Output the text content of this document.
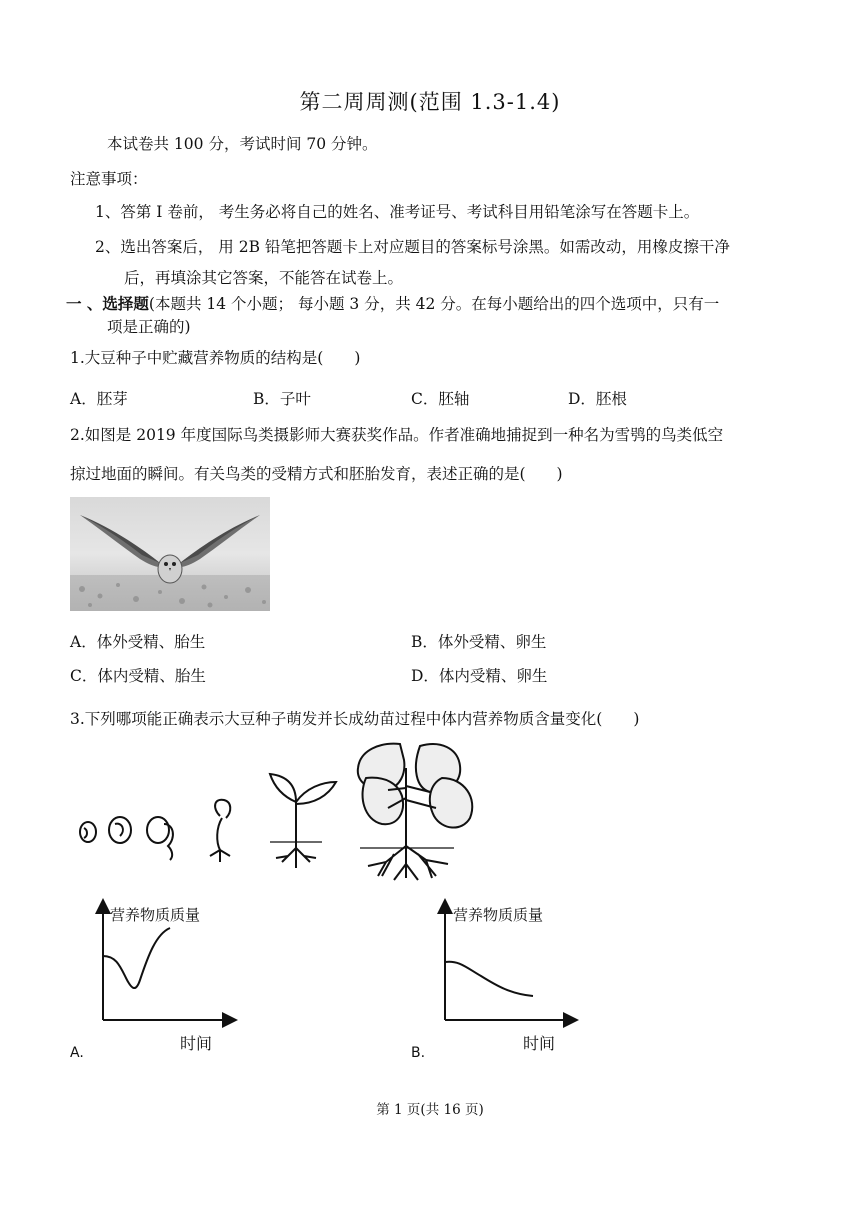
第二周周测(范围 1.3-1.4)
本试卷共 100 分，考试时间 70 分钟。
注意事项：
1、答第 I 卷前， 考生务必将自己的姓名、准考证号、考试科目用铅笔涂写在答题卡上。
2、选出答案后， 用 2B 铅笔把答题卡上对应题目的答案标号涂黑。如需改动，用橡皮擦干净
后，再填涂其它答案，不能答在试卷上。
一 、选择题(本题共 14 个小题； 每小题 3 分，共 42 分。在每小题给出的四个选项中，只有一
项是正确的)
1.大豆种子中贮藏营养物质的结构是(　　)
A．胚芽	B．子叶	C．胚轴	D．胚根
2.如图是 2019 年度国际鸟类摄影师大赛获奖作品。作者准确地捕捉到一种名为雪鸮的鸟类低空
掠过地面的瞬间。有关鸟类的受精方式和胚胎发育，表述正确的是(　　)
A．体外受精、胎生	B．体外受精、卵生
C．体内受精、胎生	D．体内受精、卵生
3.下列哪项能正确表示大豆种子萌发并长成幼苗过程中体内营养物质含量变化(　　)
营养物质质量
时间
A.
营养物质质量
时间
B.
第 1 页(共 16 页)
